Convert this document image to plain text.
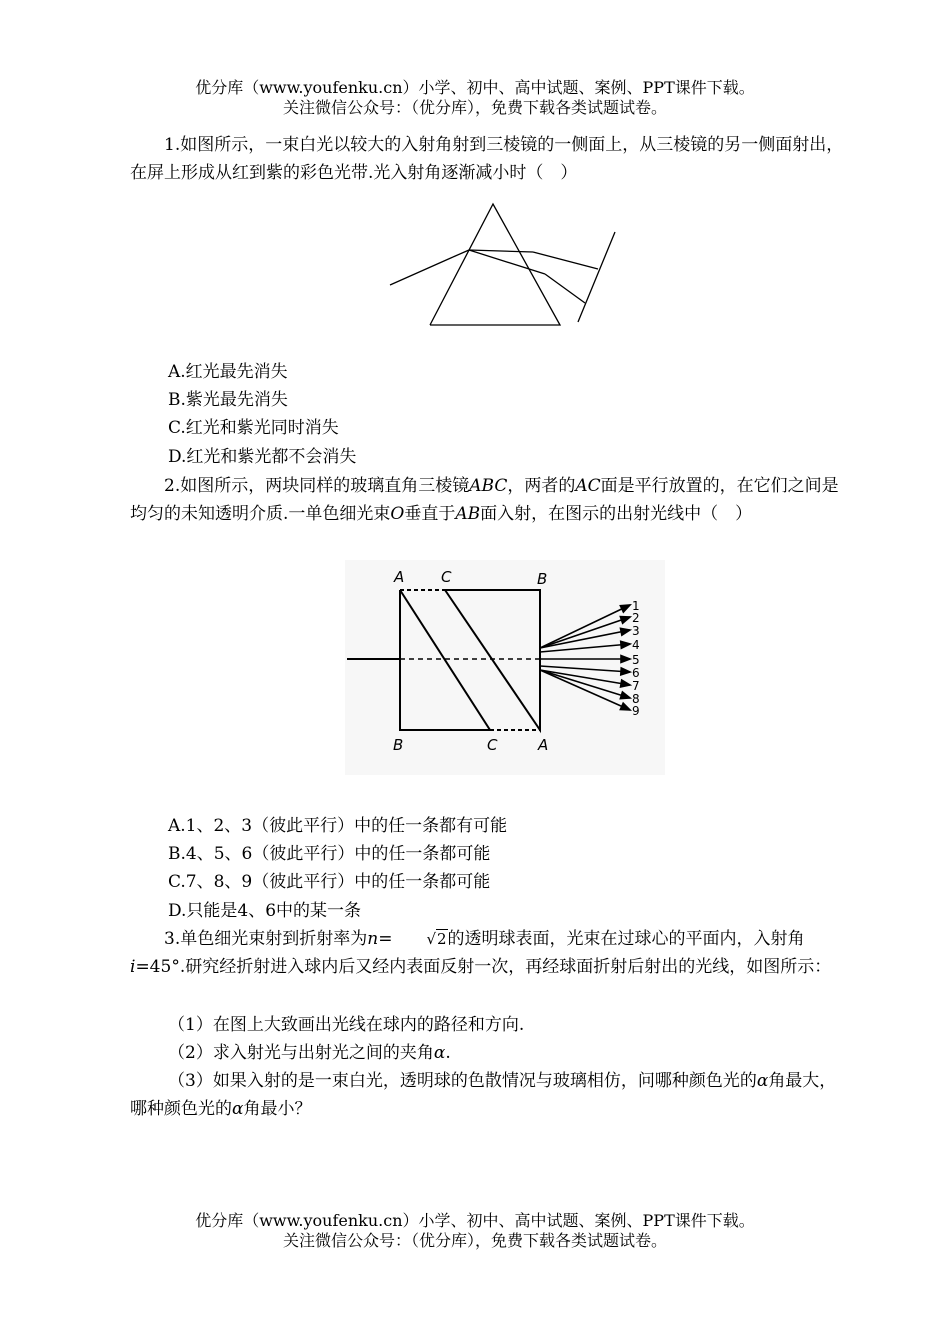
优分库（www.youfenku.cn）小学、初中、高中试题、案例、PPT课件下载。
关注微信公众号：（优分库），免费下载各类试题试卷。
1.如图所示，一束白光以较大的入射角射到三棱镜的一侧面上，从三棱镜的另一侧面射出，在屏上形成从红到紫的彩色光带.光入射角逐渐减小时（　）
A.红光最先消失
B.紫光最先消失
C.红光和紫光同时消失
D.红光和紫光都不会消失
2.如图所示，两块同样的玻璃直角三棱镜ABC，两者的AC面是平行放置的，在它们之间是均匀的未知透明介质.一单色细光束O垂直于AB面入射，在图示的出射光线中（　）
A C	B
B	C	A
1
2
3
4
5
6
7
8
9
A.1、2、3（彼此平行）中的任一条都有可能
B.4、5、6（彼此平行）中的任一条都可能
C.7、8、9（彼此平行）中的任一条都可能
D.只能是4、6中的某一条
3.单色细光束射到折射率为n= √2的透明球表面，光束在过球心的平面内，入射角i=45°.研究经折射进入球内后又经内表面反射一次，再经球面折射后射出的光线，如图所示：
（1）在图上大致画出光线在球内的路径和方向.
（2）求入射光与出射光之间的夹角α.
（3）如果入射的是一束白光，透明球的色散情况与玻璃相仿，问哪种颜色光的α角最大，哪种颜色光的α角最小？
优分库（www.youfenku.cn）小学、初中、高中试题、案例、PPT课件下载。
关注微信公众号：（优分库），免费下载各类试题试卷。
